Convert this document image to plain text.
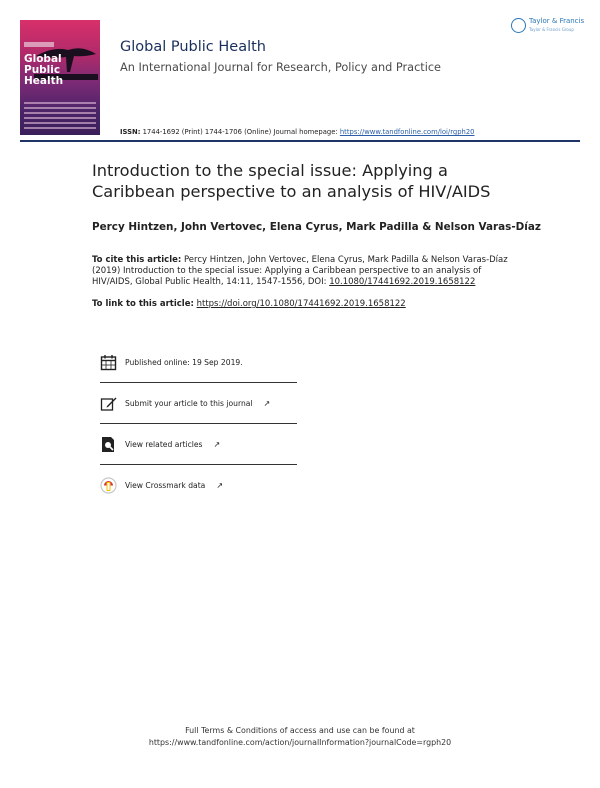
Global
Public Health
Taylor & Francis
Taylor & Francis Group
Global Public Health
An International Journal for Research, Policy and Practice
ISSN: 1744-1692 (Print) 1744-1706 (Online) Journal homepage: https://www.tandfonline.com/loi/rgph20
Introduction to the special issue: Applying a Caribbean perspective to an analysis of HIV/AIDS
Percy Hintzen, John Vertovec, Elena Cyrus, Mark Padilla & Nelson Varas-Díaz
To cite this article: Percy Hintzen, John Vertovec, Elena Cyrus, Mark Padilla & Nelson Varas-Díaz (2019) Introduction to the special issue: Applying a Caribbean perspective to an analysis of HIV/AIDS, Global Public Health, 14:11, 1547-1556, DOI: 10.1080/17441692.2019.1658122
To link to this article: https://doi.org/10.1080/17441692.2019.1658122
Published online: 19 Sep 2019.
Submit your article to this journal ↗
View related articles ↗
View Crossmark data ↗
Full Terms & Conditions of access and use can be found at
https://www.tandfonline.com/action/journalInformation?journalCode=rgph20
